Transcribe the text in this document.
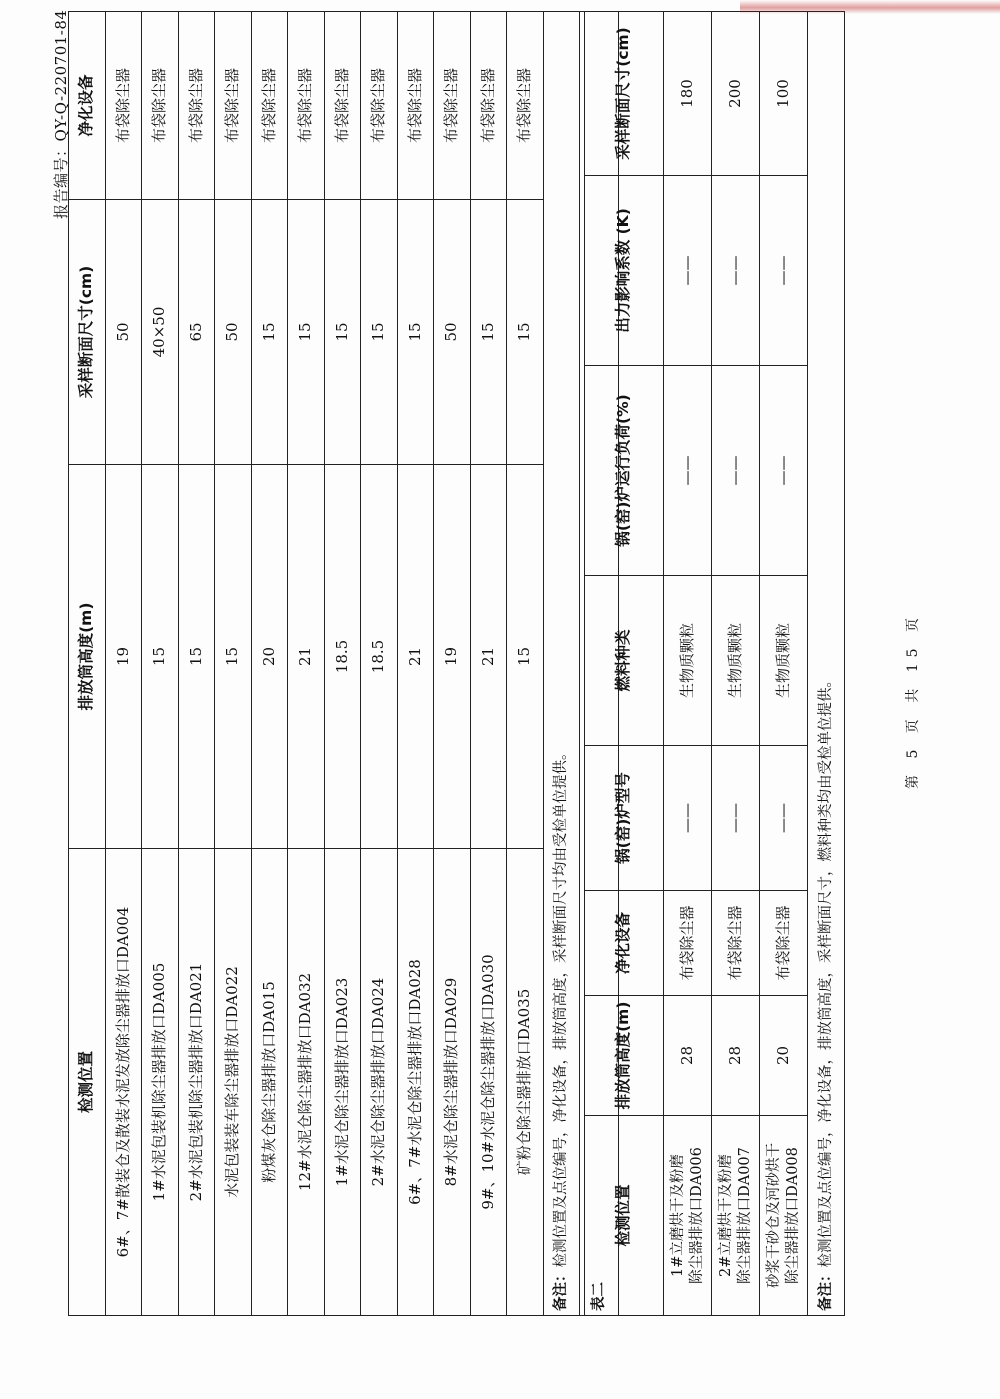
报告编号：QY-Q-220701-84
检测位置	排放筒高度(m)	采样断面尺寸(cm)	净化设备
6#、7#散装仓及散装水泥发放除尘器排放口DA004	19	50	布袋除尘器
1#水泥包装机除尘器排放口DA005	15	40×50	布袋除尘器
2#水泥包装机除尘器排放口DA021	15	65	布袋除尘器
水泥包装装车除尘器排放口DA022	15	50	布袋除尘器
粉煤灰仓除尘器排放口DA015	20	15	布袋除尘器
12#水泥仓除尘器排放口DA032	21	15	布袋除尘器
1#水泥仓除尘器排放口DA023	18.5	15	布袋除尘器
2#水泥仓除尘器排放口DA024	18.5	15	布袋除尘器
6#、7#水泥仓除尘器排放口DA028	21	15	布袋除尘器
8#水泥仓除尘器排放口DA029	19	50	布袋除尘器
9#、10#水泥仓除尘器排放口DA030	21	15	布袋除尘器
矿粉仓除尘器排放口DA035	15	15	布袋除尘器
备注：检测位置及点位编号，净化设备，排放筒高度，采样断面尺寸均由受检单位提供。			
表二			
检测位置	排放筒高度(m)	净化设备	锅(窑)炉型号	燃料种类	锅(窑)炉运行负荷(%)	出力影响系数 (K)	采样断面尺寸(cm)
1#立磨烘干及粉磨 除尘器排放口DA006	28	布袋除尘器	——	生物质颗粒	——	——	180
2#立磨烘干及粉磨 除尘器排放口DA007	28	布袋除尘器	——	生物质颗粒	——	——	200
砂浆干砂仓及河砂烘干 除尘器排放口DA008	20	布袋除尘器	——	生物质颗粒	——	——	100
备注：检测位置及点位编号，净化设备，排放筒高度，采样断面尺寸，燃料种类均由受检单位提供。								第 5 页 共 15 页
